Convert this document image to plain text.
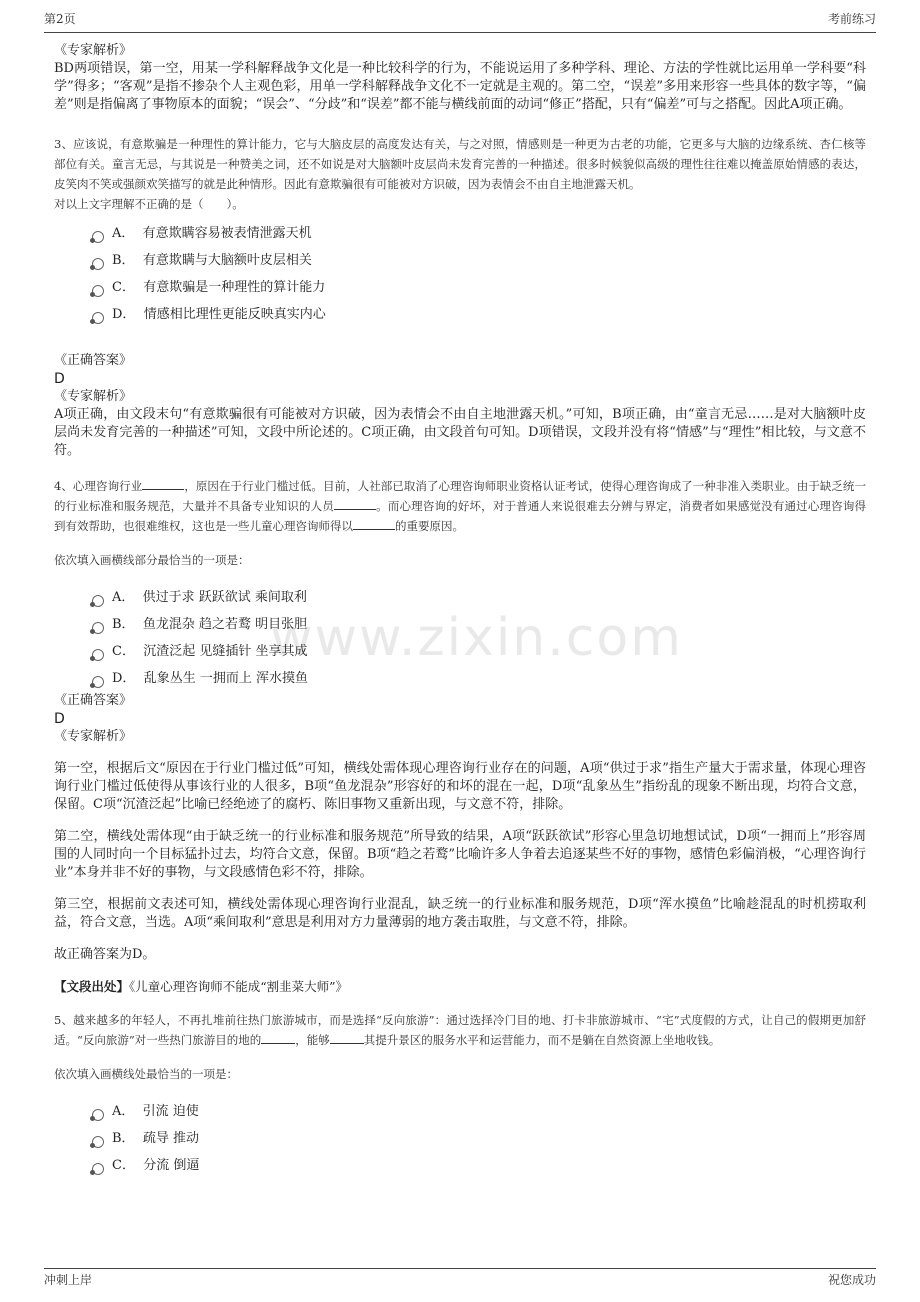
第2页	考前练习
www.zixin.com

《专家解析》

BD两项错误，第一空，用某一学科解释战争文化是一种比较科学的行为，不能说运用了多种学科、理论、方法的学性就比运用单一学科要“科学”得多；“客观”是指不掺杂个人主观色彩，用单一学科解释战争文化不一定就是主观的。第二空，“误差”多用来形容一些具体的数字等，“偏差”则是指偏离了事物原本的面貌；“误会”、“分歧”和“误差”都不能与横线前面的动词“修正”搭配，只有“偏差”可与之搭配。因此A项正确。

3、应该说，有意欺骗是一种理性的算计能力，它与大脑皮层的高度发达有关，与之对照，情感则是一种更为古老的功能，它更多与大脑的边缘系统、杏仁核等部位有关。童言无忌，与其说是一种赞美之词，还不如说是对大脑额叶皮层尚未发育完善的一种描述。很多时候貌似高级的理性往往难以掩盖原始情感的表达，皮笑肉不笑或强颜欢笑描写的就是此种情形。因此有意欺骗很有可能被对方识破，因为表情会不由自主地泄露天机。

对以上文字理解不正确的是（　　）。

A．  有意欺瞒容易被表情泄露天机
B．  有意欺瞒与大脑额叶皮层相关
C．  有意欺骗是一种理性的算计能力
D．  情感相比理性更能反映真实内心

《正确答案》

D

《专家解析》

A项正确，由文段末句“有意欺骗很有可能被对方识破，因为表情会不由自主地泄露天机。”可知，B项正确，由“童言无忌……是对大脑额叶皮层尚未发育完善的一种描述”可知，文段中所论述的。C项正确，由文段首句可知。D项错误，文段并没有将“情感”与“理性”相比较，与文意不符。

4、心理咨询行业	，原因在于行业门槛过低。目前，人社部已取消了心理咨询师职业资格认证考试，使得心理咨询成了一种非准入类职业。由于缺乏统一的行业标准和服务规范，大量并不具备专业知识的人员	。而心理咨询的好坏，对于普通人来说很难去分辨与界定，消费者如果感觉没有通过心理咨询得到有效帮助，也很难维权，这也是一些儿童心理咨询师得以	的重要原因。

依次填入画横线部分最恰当的一项是：

A．  供过于求 跃跃欲试 乘间取利
B．  鱼龙混杂 趋之若鹜 明目张胆
C．  沉渣泛起 见缝插针 坐享其成
D．  乱象丛生 一拥而上 浑水摸鱼

《正确答案》

D

《专家解析》

第一空，根据后文“原因在于行业门槛过低”可知，横线处需体现心理咨询行业存在的问题，A项“供过于求”指生产量大于需求量，体现心理咨询行业门槛过低使得从事该行业的人很多，B项“鱼龙混杂”形容好的和坏的混在一起，D项“乱象丛生”指纷乱的现象不断出现，均符合文意，保留。C项“沉渣泛起”比喻已经绝迹了的腐朽、陈旧事物又重新出现，与文意不符，排除。

第二空，横线处需体现“由于缺乏统一的行业标准和服务规范”所导致的结果，A项“跃跃欲试”形容心里急切地想试试，D项“一拥而上”形容周围的人同时向一个目标猛扑过去，均符合文意，保留。B项“趋之若鹜”比喻许多人争着去追逐某些不好的事物，感情色彩偏消极，“心理咨询行业”本身并非不好的事物，与文段感情色彩不符，排除。

第三空，根据前文表述可知，横线处需体现心理咨询行业混乱，缺乏统一的行业标准和服务规范，D项“浑水摸鱼”比喻趁混乱的时机捞取利益，符合文意，当选。A项“乘间取利”意思是利用对方力量薄弱的地方袭击取胜，与文意不符，排除。

故正确答案为D。

【文段出处】《儿童心理咨询师不能成“割韭菜大师”》

5、越来越多的年轻人，不再扎堆前往热门旅游城市，而是选择“反向旅游”：通过选择冷门目的地、打卡非旅游城市、“宅”式度假的方式，让自己的假期更加舒适。“反向旅游”对一些热门旅游目的地的	，能够	其提升景区的服务水平和运营能力，而不是躺在自然资源上坐地收钱。

依次填入画横线处最恰当的一项是：

A．  引流 迫使
B．  疏导 推动
C．  分流 倒逼
冲刺上岸	祝您成功
